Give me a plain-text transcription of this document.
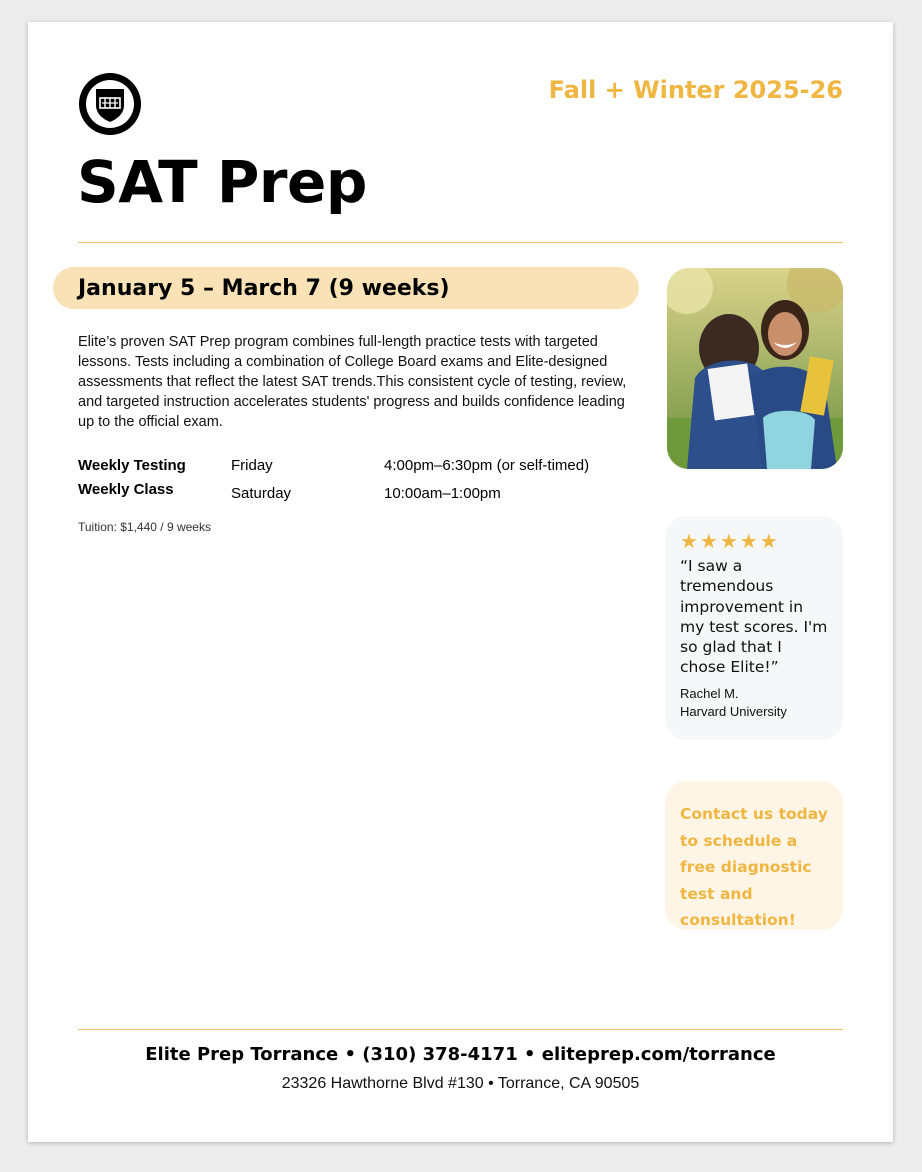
Fall + Winter 2025-26
SAT Prep
January 5 – March 7 (9 weeks)

Elite’s proven SAT Prep program combines full-length practice tests with targeted lessons. Tests including a combination of College Board exams and Elite-designed assessments that reflect the latest SAT trends.This consistent cycle of testing, review, and targeted instruction accelerates students' progress and builds confidence leading up to the official exam.

Weekly Testing	Friday	4:00pm–6:30pm (or self-timed)
Weekly Class	Saturday	10:00am–1:00pm
Tuition: $1,440 / 9 weeks
★★★★★
“I saw a tremendous improvement in my test scores. I'm so glad that I chose Elite!”
Rachel M.
Harvard University
Contact us today to schedule a free diagnostic test and consultation!
Elite Prep Torrance • (310) 378-4171 • eliteprep.com/torrance
23326 Hawthorne Blvd #130 • Torrance, CA 90505
